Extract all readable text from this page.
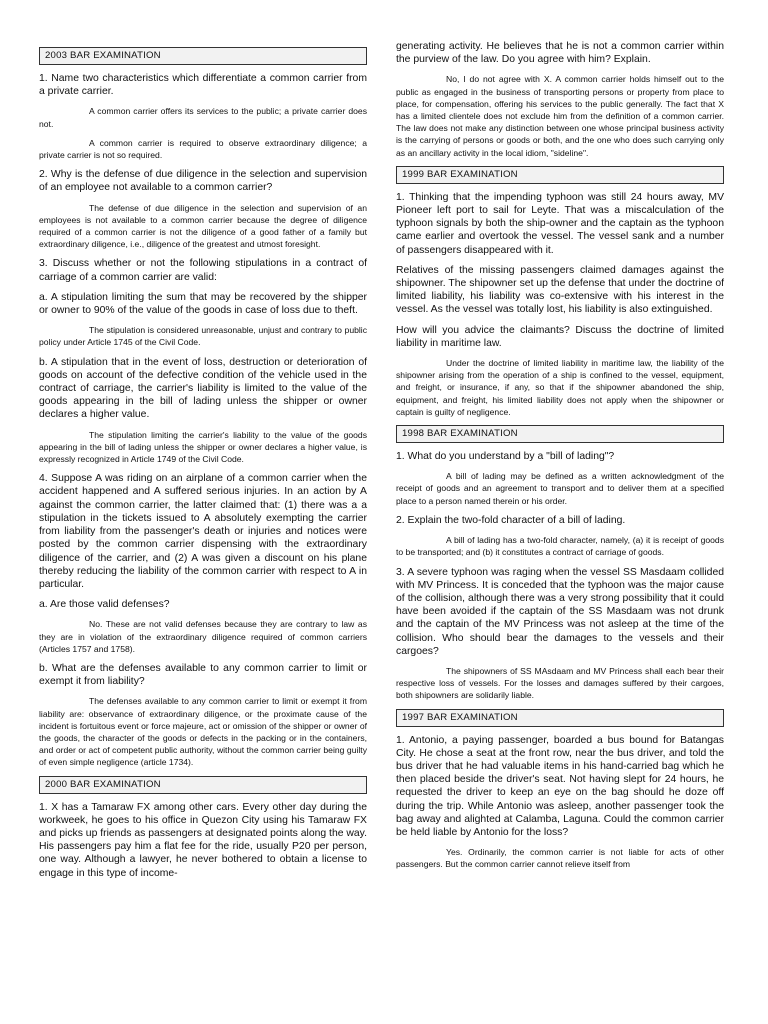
2003 BAR EXAMINATION

1. Name two characteristics which differentiate a common carrier from a private carrier.

A common carrier offers its services to the public; a private carrier does not.

A common carrier is required to observe extraordinary diligence; a private carrier is not so required.

2. Why is the defense of due diligence in the selection and supervision of an employee not available to a common carrier?

The defense of due diligence in the selection and supervision of an employees is not available to a common carrier because the degree of diligence required of a common carrier is not the diligence of a good father of a family but extraordinary diligence, i.e., diligence of the greatest and utmost foresight.

3. Discuss whether or not the following stipulations in a contract of carriage of a common carrier are valid:

a. A stipulation limiting the sum that may be recovered by the shipper or owner to 90% of the value of the goods in case of loss due to theft.

The stipulation is considered unreasonable, unjust and contrary to public policy under Article 1745 of the Civil Code.

b. A stipulation that in the event of loss, destruction or deterioration of goods on account of the defective condition of the vehicle used in the contract of carriage, the carrier's liability is limited to the value of the goods appearing in the bill of lading unless the shipper or owner declares a higher value.

The stipulation limiting the carrier's liability to the value of the goods appearing in the bill of lading unless the shipper or owner declares a higher value, is expressly recognized in Article 1749 of the Civil Code.

4. Suppose A was riding on an airplane of a common carrier when the accident happened and A suffered serious injuries. In an action by A against the common carrier, the latter claimed that: (1) there was a a stipulation in the tickets issued to A absolutely exempting the carrier from liability from the passenger's death or injuries and notices were posted by the common carrier dispensing with the extraordinary diligence of the carrier, and (2) A was given a discount on his plane thereby reducing the liability of the common carrier with respect to A in particular.

a. Are those valid defenses?

No. These are not valid defenses because they are contrary to law as they are in violation of the extraordinary diligence required of common carriers (Articles 1757 and 1758).

b. What are the defenses available to any common carrier to limit or exempt it from liability?

The defenses available to any common carrier to limit or exempt it from liability are: observance of extraordinary diligence, or the proximate cause of the incident is fortuitous event or force majeure, act or omission of the shipper or owner of the goods, the character of the goods or defects in the packing or in the containers, and order or act of competent public authority, without the common carrier being guilty of even simple negligence (article 1734).

2000 BAR EXAMINATION

1. X has a Tamaraw FX among other cars. Every other day during the workweek, he goes to his office in Quezon City using his Tamaraw FX and picks up friends as passengers at designated points along the way. His passengers pay him a flat fee for the ride, usually P20 per person, one way. Although a lawyer, he never bothered to obtain a license to engage in this type of income-

generating activity. He believes that he is not a common carrier within the purview of the law. Do you agree with him? Explain.

No, I do not agree with X. A common carrier holds himself out to the public as engaged in the business of transporting persons or property from place to place, for compensation, offering his services to the public generally. The fact that X has a limited clientele does not exclude him from the definition of a common carrier. The law does not make any distinction between one whose principal business activity is the carrying of persons or goods or both, and the one who does such carrying only as an ancillary activity in the local idiom, "sideline".

1999 BAR EXAMINATION

1. Thinking that the impending typhoon was still 24 hours away, MV Pioneer left port to sail for Leyte. That was a miscalculation of the typhoon signals by both the ship-owner and the captain as the typhoon came earlier and overtook the vessel. The vessel sank and a number of passengers disappeared with it.

Relatives of the missing passengers claimed damages against the shipowner. The shipowner set up the defense that under the doctrine of limited liability, his liability was co-extensive with his interest in the vessel. As the vessel was totally lost, his liability is also extinguished.

How will you advice the claimants? Discuss the doctrine of limited liability in maritime law.

Under the doctrine of limited liability in maritime law, the liability of the shipowner arising from the operation of a ship is confined to the vessel, equipment, and freight, or insurance, if any, so that if the shipowner abandoned the ship, equipment, and freight, his limited liability does not apply when the shipowner or captain is guilty of negligence.

1998 BAR EXAMINATION

1. What do you understand by a "bill of lading"?

A bill of lading may be defined as a written acknowledgment of the receipt of goods and an agreement to transport and to deliver them at a specified place to a person named therein or his order.

2. Explain the two-fold character of a bill of lading.

A bill of lading has a two-fold character, namely, (a) it is receipt of goods to be transported; and (b) it constitutes a contract of carriage of goods.

3. A severe typhoon was raging when the vessel SS Masdaam collided with MV Princess. It is conceded that the typhoon was the major cause of the collision, although there was a very strong possibility that it could have been avoided if the captain of the SS Masdaam was not drunk and the captain of the MV Princess was not asleep at the time of the collision. Who should bear the damages to the vessels and their cargoes?

The shipowners of SS MAsdaam and MV Princess shall each bear their respective loss of vessels. For the losses and damages suffered by their cargoes, both shipowners are solidarily liable.

1997 BAR EXAMINATION

1. Antonio, a paying passenger, boarded a bus bound for Batangas City. He chose a seat at the front row, near the bus driver, and told the bus driver that he had valuable items in his hand-carried bag which he then placed beside the driver's seat. Not having slept for 24 hours, he requested the driver to keep an eye on the bag should he doze off during the trip. While Antonio was asleep, another passenger took the bag away and alighted at Calamba, Laguna. Could the common carrier be held liable by Antonio for the loss?

Yes. Ordinarily, the common carrier is not liable for acts of other passengers. But the common carrier cannot relieve itself from
